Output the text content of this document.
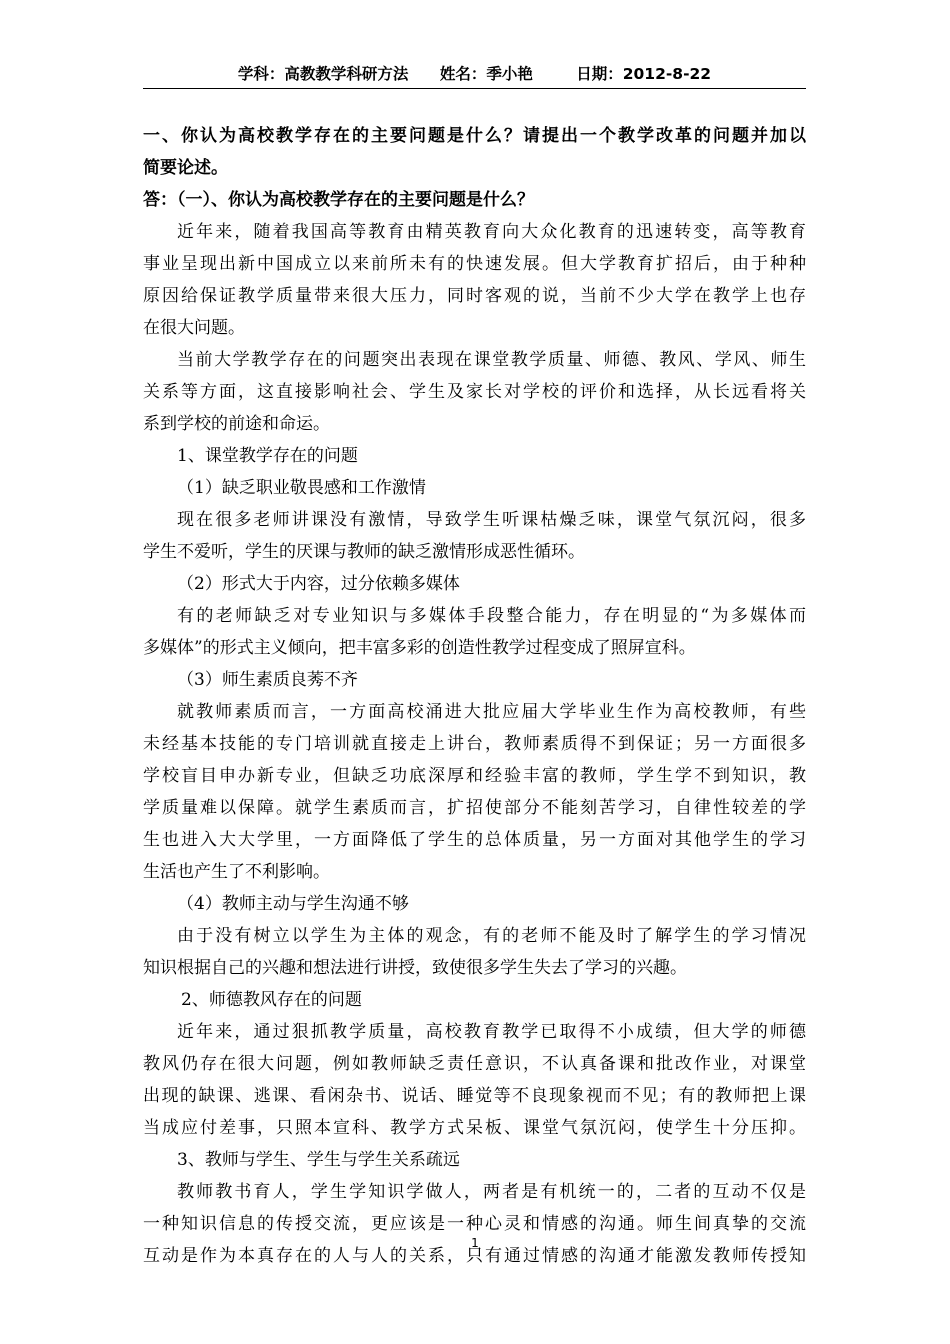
学科：高教教学科研方法 姓名：季小艳	日期：2012-8-22
一、你认为高校教学存在的主要问题是什么？请提出一个教学改革的问题并加以
简要论述。
答：（一）、你认为高校教学存在的主要问题是什么？
近年来，随着我国高等教育由精英教育向大众化教育的迅速转变，高等教育
事业呈现出新中国成立以来前所未有的快速发展。但大学教育扩招后，由于种种
原因给保证教学质量带来很大压力，同时客观的说，当前不少大学在教学上也存
在很大问题。
当前大学教学存在的问题突出表现在课堂教学质量、师德、教风、学风、师生
关系等方面，这直接影响社会、学生及家长对学校的评价和选择，从长远看将关
系到学校的前途和命运。
1、课堂教学存在的问题
（1）缺乏职业敬畏感和工作激情
现在很多老师讲课没有激情，导致学生听课枯燥乏味，课堂气氛沉闷，很多
学生不爱听，学生的厌课与教师的缺乏激情形成恶性循环。
（2）形式大于内容，过分依赖多媒体
有的老师缺乏对专业知识与多媒体手段整合能力，存在明显的“为多媒体而
多媒体”的形式主义倾向，把丰富多彩的创造性教学过程变成了照屏宣科。
（3）师生素质良莠不齐
就教师素质而言，一方面高校涌进大批应届大学毕业生作为高校教师，有些
未经基本技能的专门培训就直接走上讲台，教师素质得不到保证；另一方面很多
学校盲目申办新专业，但缺乏功底深厚和经验丰富的教师，学生学不到知识，教
学质量难以保障。就学生素质而言，扩招使部分不能刻苦学习，自律性较差的学
生也进入大大学里，一方面降低了学生的总体质量，另一方面对其他学生的学习
生活也产生了不利影响。
（4）教师主动与学生沟通不够
由于没有树立以学生为主体的观念，有的老师不能及时了解学生的学习情况
知识根据自己的兴趣和想法进行讲授，致使很多学生失去了学习的兴趣。
2、师德教风存在的问题
近年来，通过狠抓教学质量，高校教育教学已取得不小成绩，但大学的师德
教风仍存在很大问题，例如教师缺乏责任意识，不认真备课和批改作业，对课堂
出现的缺课、逃课、看闲杂书、说话、睡觉等不良现象视而不见；有的教师把上课
当成应付差事，只照本宣科、教学方式呆板、课堂气氛沉闷，使学生十分压抑。
3、教师与学生、学生与学生关系疏远
教师教书育人，学生学知识学做人，两者是有机统一的，二者的互动不仅是
一种知识信息的传授交流，更应该是一种心灵和情感的沟通。师生间真挚的交流
互动是作为本真存在的人与人的关系，只有通过情感的沟通才能激发教师传授知
1
